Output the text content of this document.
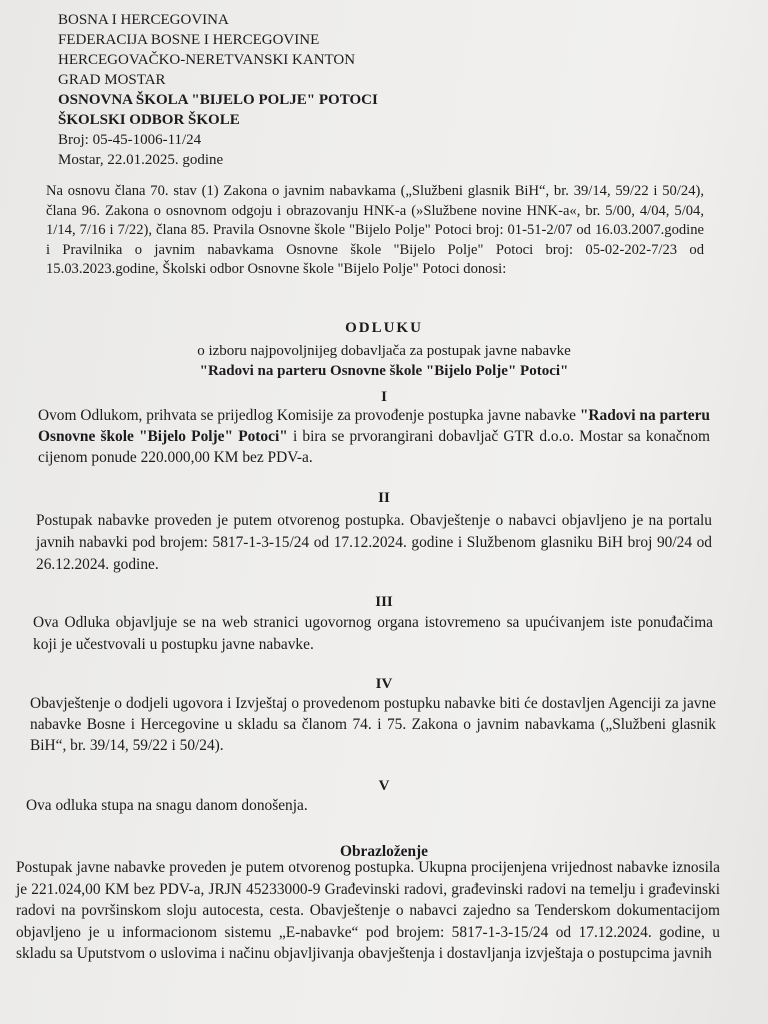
BOSNA I HERCEGOVINA
FEDERACIJA BOSNE I HERCEGOVINE
HERCEGOVAČKO-NERETVANSKI KANTON
GRAD MOSTAR
OSNOVNA ŠKOLA "BIJELO POLJE" POTOCI
ŠKOLSKI ODBOR ŠKOLE
Broj: 05-45-1006-11/24
Mostar, 22.01.2025. godine

Na osnovu člana 70. stav (1) Zakona o javnim nabavkama („Službeni glasnik BiH“, br. 39/14, 59/22 i 50/24), člana 96. Zakona o osnovnom odgoju i obrazovanju HNK-a (»Službene novine HNK-a«, br. 5/00, 4/04, 5/04, 1/14, 7/16 i 7/22), člana 85. Pravila Osnovne škole "Bijelo Polje" Potoci broj: 01-51-2/07 od 16.03.2007.godine i Pravilnika o javnim nabavkama Osnovne škole "Bijelo Polje" Potoci broj: 05-02-202-7/23 od 15.03.2023.godine, Školski odbor Osnovne škole "Bijelo Polje" Potoci donosi:

ODLUKU
o izboru najpovoljnijeg dobavljača za postupak javne nabavke
"Radovi na parteru Osnovne škole "Bijelo Polje" Potoci"
I

Ovom Odlukom, prihvata se prijedlog Komisije za provođenje postupka javne nabavke "Radovi na parteru Osnovne škole "Bijelo Polje" Potoci" i bira se prvorangirani dobavljač GTR d.o.o. Mostar sa konačnom cijenom ponude 220.000,00 KM bez PDV-a.

II

Postupak nabavke proveden je putem otvorenog postupka. Obavještenje o nabavci objavljeno je na portalu javnih nabavki pod brojem: 5817-1-3-15/24 od 17.12.2024. godine i Službenom glasniku BiH broj 90/24 od 26.12.2024. godine.

III

Ova Odluka objavljuje se na web stranici ugovornog organa istovremeno sa upućivanjem iste ponuđačima koji je učestvovali u postupku javne nabavke.

IV

Obavještenje o dodjeli ugovora i Izvještaj o provedenom postupku nabavke biti će dostavljen Agenciji za javne nabavke Bosne i Hercegovine u skladu sa članom 74. i 75. Zakona o javnim nabavkama („Službeni glasnik BiH“, br. 39/14, 59/22 i 50/24).

V

Ova odluka stupa na snagu danom donošenja.

Obrazloženje

Postupak javne nabavke proveden je putem otvorenog postupka. Ukupna procijenjena vrijednost nabavke iznosila je 221.024,00 KM bez PDV-a, JRJN 45233000-9 Građevinski radovi, građevinski radovi na temelju i građevinski radovi na površinskom sloju autocesta, cesta. Obavještenje o nabavci zajedno sa Tenderskom dokumentacijom objavljeno je u informacionom sistemu „E-nabavke“ pod brojem: 5817-1-3-15/24 od 17.12.2024. godine, u skladu sa Uputstvom o uslovima i načinu objavljivanja obavještenja i dostavljanja izvještaja o postupcima javnih
